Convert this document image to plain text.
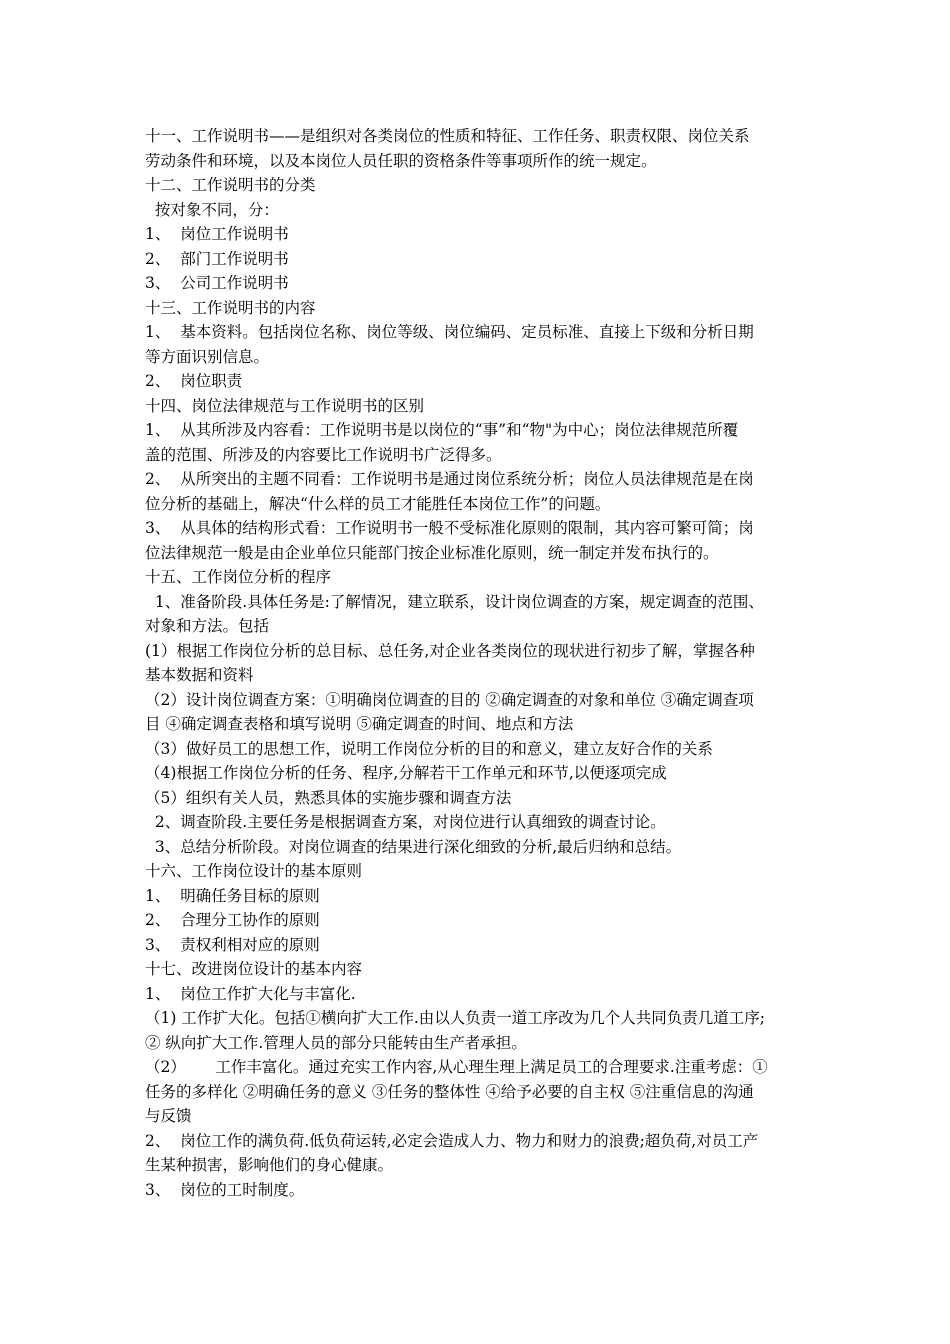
十一、工作说明书——是组织对各类岗位的性质和特征、工作任务、职责权限、岗位关系
劳动条件和环境，以及本岗位人员任职的资格条件等事项所作的统一规定。
十二、工作说明书的分类
按对象不同，分：
1、  岗位工作说明书
2、  部门工作说明书
3、  公司工作说明书
十三、工作说明书的内容
1、  基本资料。包括岗位名称、岗位等级、岗位编码、定员标准、直接上下级和分析日期
等方面识别信息。
2、  岗位职责
十四、岗位法律规范与工作说明书的区别
1、  从其所涉及内容看：工作说明书是以岗位的“事”和“物"为中心；岗位法律规范所覆
盖的范围、所涉及的内容要比工作说明书广泛得多。
2、  从所突出的主题不同看：工作说明书是通过岗位系统分析；岗位人员法律规范是在岗
位分析的基础上，解决“什么样的员工才能胜任本岗位工作”的问题。
3、  从具体的结构形式看：工作说明书一般不受标准化原则的限制，其内容可繁可简；岗
位法律规范一般是由企业单位只能部门按企业标准化原则，统一制定并发布执行的。
十五、工作岗位分析的程序
1、准备阶段.具体任务是:了解情况，建立联系，设计岗位调查的方案，规定调查的范围、
对象和方法。包括
(1）根据工作岗位分析的总目标、总任务,对企业各类岗位的现状进行初步了解，掌握各种
基本数据和资料
（2）设计岗位调查方案：①明确岗位调查的目的 ②确定调查的对象和单位 ③确定调查项
目 ④确定调查表格和填写说明 ⑤确定调查的时间、地点和方法
（3）做好员工的思想工作，说明工作岗位分析的目的和意义，建立友好合作的关系
（4)根据工作岗位分析的任务、程序,分解若干工作单元和环节,以便逐项完成
（5）组织有关人员，熟悉具体的实施步骤和调查方法
2、调查阶段.主要任务是根据调查方案，对岗位进行认真细致的调查讨论。
3、总结分析阶段。对岗位调查的结果进行深化细致的分析,最后归纳和总结。
十六、工作岗位设计的基本原则
1、  明确任务目标的原则
2、  合理分工协作的原则
3、  责权利相对应的原则
十七、改进岗位设计的基本内容
1、  岗位工作扩大化与丰富化.
（1) 工作扩大化。包括①横向扩大工作.由以人负责一道工序改为几个人共同负责几道工序;
② 纵向扩大工作.管理人员的部分只能转由生产者承担。
（2）      工作丰富化。通过充实工作内容,从心理生理上满足员工的合理要求.注重考虑：①
任务的多样化 ②明确任务的意义 ③任务的整体性 ④给予必要的自主权 ⑤注重信息的沟通
与反馈
2、  岗位工作的满负荷.低负荷运转,必定会造成人力、物力和财力的浪费;超负荷,对员工产
生某种损害，影响他们的身心健康。
3、  岗位的工时制度。
